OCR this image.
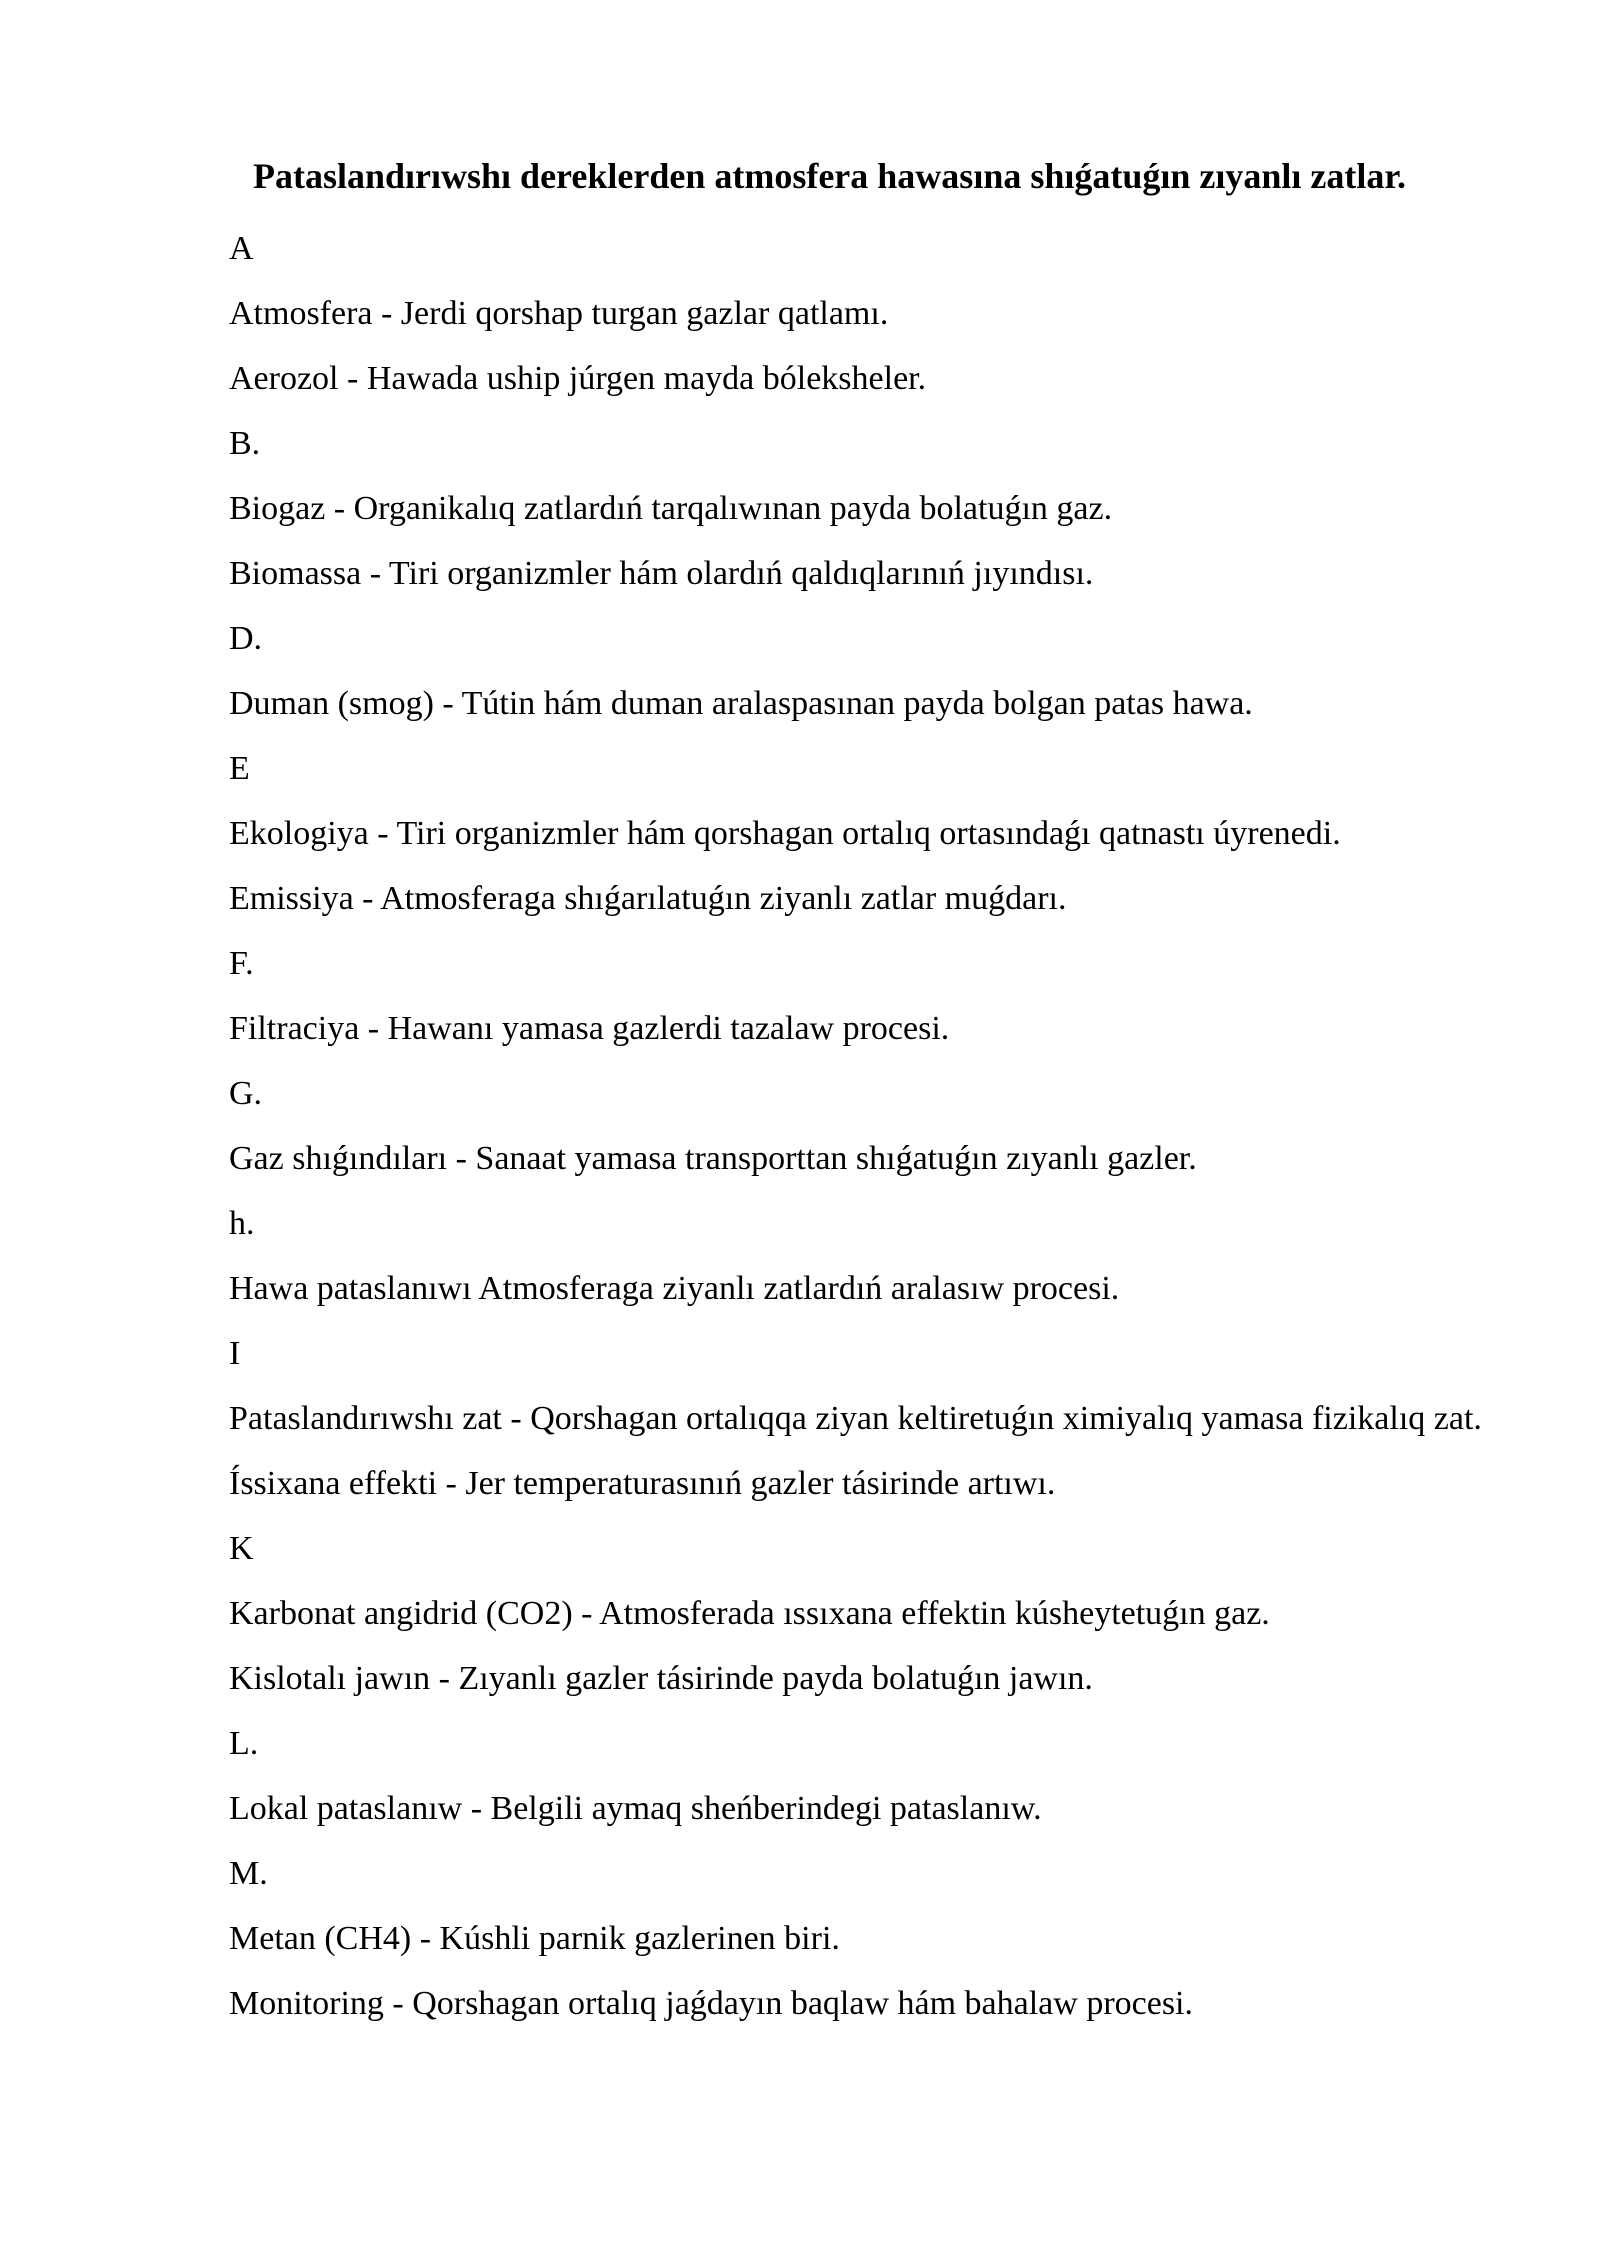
Pataslandırıwshı dereklerden atmosfera hawasına shıǵatuǵın zıyanlı zatlar.

A

Atmosfera - Jerdi qorshap turgan gazlar qatlamı.

Aerozol - Hawada uship júrgen mayda bóleksheler.

B.

Biogaz - Organikalıq zatlardıń tarqalıwınan payda bolatuǵın gaz.

Biomassa - Tiri organizmler hám olardıń qaldıqlarınıń jıyındısı.

D.

Duman (smog) - Tútin hám duman aralaspasınan payda bolgan patas hawa.

E

Ekologiya - Tiri organizmler hám qorshagan ortalıq ortasındaǵı qatnastı úyrenedi.

Emissiya - Atmosferaga shıǵarılatuǵın ziyanlı zatlar muǵdarı.

F.

Filtraciya - Hawanı yamasa gazlerdi tazalaw procesi.

G.

Gaz shıǵındıları - Sanaat yamasa transporttan shıǵatuǵın zıyanlı gazler.

h.

Hawa pataslanıwı Atmosferaga ziyanlı zatlardıń aralasıw procesi.

I

Pataslandırıwshı zat - Qorshagan ortalıqqa ziyan keltiretuǵın ximiyalıq yamasa fizikalıq zat.

Íssixana effekti - Jer temperaturasınıń gazler tásirinde artıwı.

K

Karbonat angidrid (CO2) - Atmosferada ıssıxana effektin kúsheytetuǵın gaz.

Kislotalı jawın - Zıyanlı gazler tásirinde payda bolatuǵın jawın.

L.

Lokal pataslanıw - Belgili aymaq sheńberindegi pataslanıw.

M.

Metan (CH4) - Kúshli parnik gazlerinen biri.

Monitoring - Qorshagan ortalıq jaǵdayın baqlaw hám bahalaw procesi.
